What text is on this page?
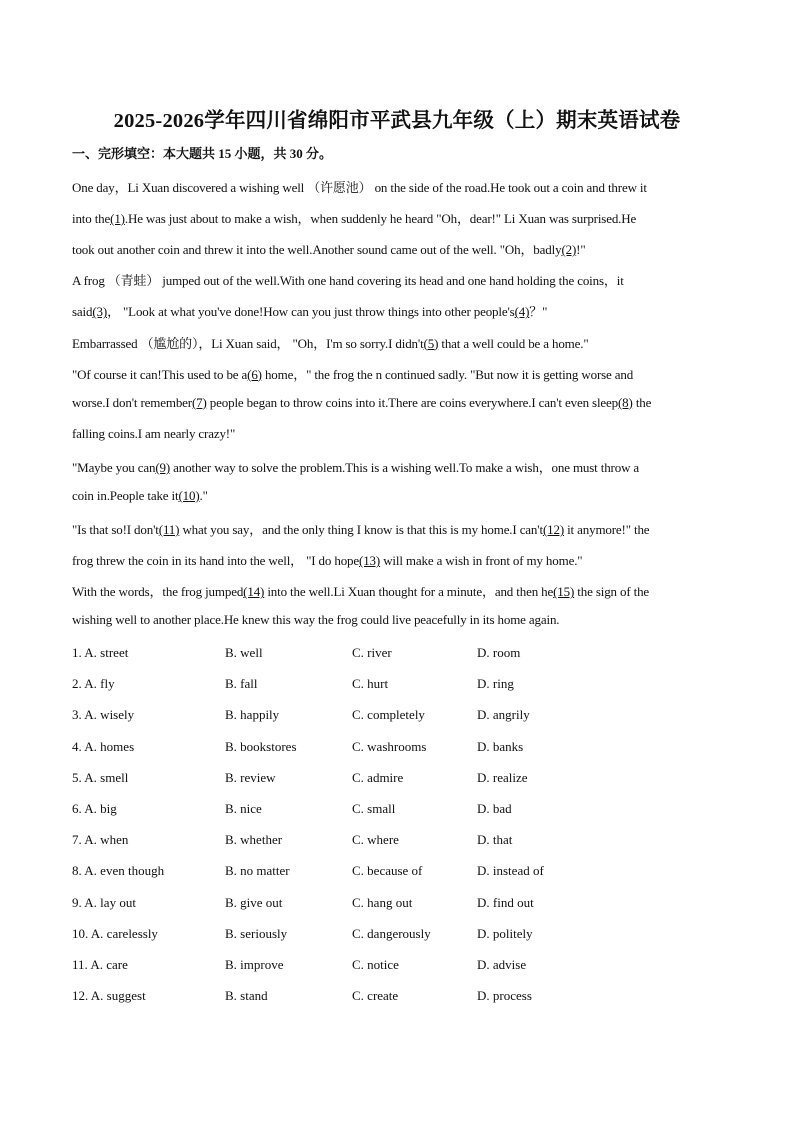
2025-2026学年四川省绵阳市平武县九年级（上）期末英语试卷
一、完形填空：本大题共 15 小题，共 30 分。
One day，Li Xuan discovered a wishing well （许愿池） on the side of the road.He took out a coin and threw it
into the(1).He was just about to make a wish，when suddenly he heard "Oh，dear!" Li Xuan was surprised.He
took out another coin and threw it into the well.Another sound came out of the well. "Oh，badly(2)!"
A frog （青蛙） jumped out of the well.With one hand covering its head and one hand holding the coins，it
said(3)， "Look at what you've done!How can you just throw things into other people's(4)？"
Embarrassed （尴尬的），Li Xuan said， "Oh，I'm so sorry.I didn't(5) that a well could be a home."
"Of course it can!This used to be a(6) home，" the frog the n continued sadly. "But now it is getting worse and
worse.I don't remember(7) people began to throw coins into it.There are coins everywhere.I can't even sleep(8) the
falling coins.I am nearly crazy!"
"Maybe you can(9) another way to solve the problem.This is a wishing well.To make a wish，one must throw a
coin in.People take it(10)."
"Is that so!I don't(11) what you say，and the only thing I know is that this is my home.I can't(12) it anymore!" the
frog threw the coin in its hand into the well， "I do hope(13) will make a wish in front of my home."
With the words，the frog jumped(14) into the well.Li Xuan thought for a minute，and then he(15) the sign of the
wishing well to another place.He knew this way the frog could live peacefully in its home again.
1. A. street	B. well	C. river	D. room
2. A. fly	B. fall	C. hurt	D. ring
3. A. wisely	B. happily	C. completely	D. angrily
4. A. homes	B. bookstores	C. washrooms	D. banks
5. A. smell	B. review	C. admire	D. realize
6. A. big	B. nice	C. small	D. bad
7. A. when	B. whether	C. where	D. that
8. A. even though	B. no matter	C. because of	D. instead of
9. A. lay out	B. give out	C. hang out	D. find out
10. A. carelessly	B. seriously	C. dangerously	D. politely
11. A. care	B. improve	C. notice	D. advise
12. A. suggest	B. stand	C. create	D. process
